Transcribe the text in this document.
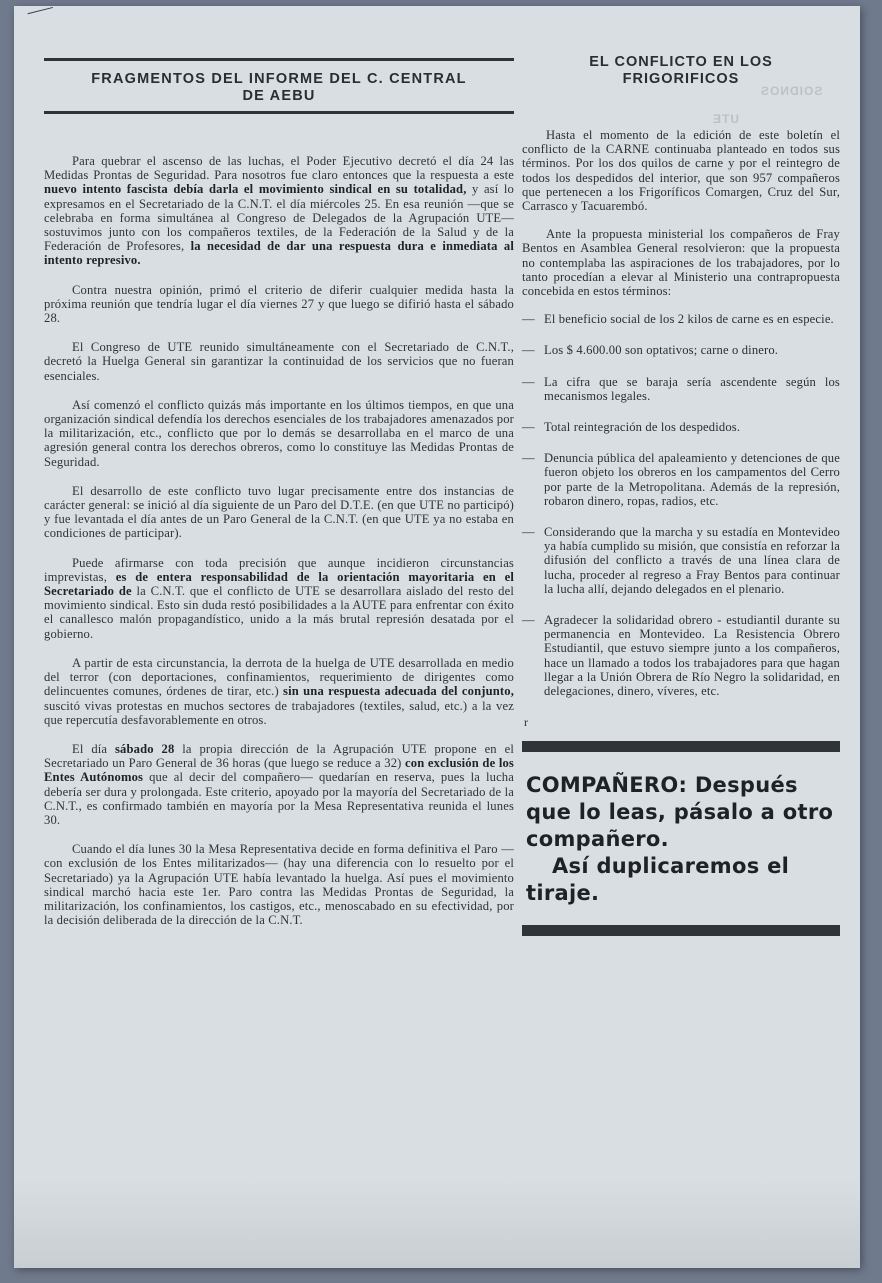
FRAGMENTOS DEL INFORME DEL C. CENTRAL
DE AEBU

Para quebrar el ascenso de las luchas, el Poder Ejecutivo decretó el día 24 las Medidas Prontas de Seguridad. Para nosotros fue claro entonces que la respuesta a este nuevo intento fascista debía darla el movimiento sindical en su totalidad, y así lo expresamos en el Secretariado de la C.N.T. el día miércoles 25. En esa reunión —que se celebraba en forma simultánea al Congreso de Delegados de la Agrupación UTE— sostuvimos junto con los compañeros textiles, de la Federación de la Salud y de la Federación de Profesores, la necesidad de dar una respuesta dura e inmediata al intento represivo.

Contra nuestra opinión, primó el criterio de diferir cualquier medida hasta la próxima reunión que tendría lugar el día viernes 27 y que luego se difirió hasta el sábado 28.

El Congreso de UTE reunido simultáneamente con el Secretariado de C.N.T., decretó la Huelga General sin garantizar la continuidad de los servicios que no fueran esenciales.

Así comenzó el conflicto quizás más importante en los últimos tiempos, en que una organización sindical defendía los derechos esenciales de los trabajadores amenazados por la militarización, etc., conflicto que por lo demás se desarrollaba en el marco de una agresión general contra los derechos obreros, como lo constituye las Medidas Prontas de Seguridad.

El desarrollo de este conflicto tuvo lugar precisamente entre dos instancias de carácter general: se inició al día siguiente de un Paro del D.T.E. (en que UTE no participó) y fue levantada el día antes de un Paro General de la C.N.T. (en que UTE ya no estaba en condiciones de participar).

Puede afirmarse con toda precisión que aunque incidieron circunstancias imprevistas, es de entera responsabilidad de la orientación mayoritaria en el Secretariado de la C.N.T. que el conflicto de UTE se desarrollara aislado del resto del movimiento sindical. Esto sin duda restó posibilidades a la AUTE para enfrentar con éxito el canallesco malón propagandístico, unido a la más brutal represión desatada por el gobierno.

A partir de esta circunstancia, la derrota de la huelga de UTE desarrollada en medio del terror (con deportaciones, confinamientos, requerimiento de dirigentes como delincuentes comunes, órdenes de tirar, etc.) sin una respuesta adecuada del conjunto, suscitó vivas protestas en muchos sectores de trabajadores (textiles, salud, etc.) a la vez que repercutía desfavorablemente en otros.

El día sábado 28 la propia dirección de la Agrupación UTE propone en el Secretariado un Paro General de 36 horas (que luego se reduce a 32) con exclusión de los Entes Autónomos que al decir del compañero— quedarían en reserva, pues la lucha debería ser dura y prolongada. Este criterio, apoyado por la mayoría del Secretariado de la C.N.T., es confirmado también en mayoría por la Mesa Representativa reunida el lunes 30.

Cuando el día lunes 30 la Mesa Representativa decide en forma definitiva el Paro —con exclusión de los Entes militarizados— (hay una diferencia con lo resuelto por el Secretariado) ya la Agrupación UTE había levantado la huelga. Así pues el movimiento sindical marchó hacia este 1er. Paro contra las Medidas Prontas de Seguridad, la militarización, los confinamientos, los castigos, etc., menoscabado en su efectividad, por la decisión deliberada de la dirección de la C.N.T.

EL CONFLICTO EN LOS
FRIGORIFICOS
SOIDNOS
UTE

Hasta el momento de la edición de este boletín el conflicto de la CARNE continuaba planteado en todos sus términos. Por los dos quilos de carne y por el reintegro de todos los despedidos del interior, que son 957 compañeros que pertenecen a los Frigoríficos Comargen, Cruz del Sur, Carrasco y Tacuarembó.

Ante la propuesta ministerial los compañeros de Fray Bentos en Asamblea General resolvieron: que la propuesta no contemplaba las aspiraciones de los trabajadores, por lo tanto procedían a elevar al Ministerio una contrapropuesta concebida en estos términos:

— El beneficio social de los 2 kilos de carne es en especie.
— Los $ 4.600.00 son optativos; carne o dinero.
— La cifra que se baraja sería ascendente según los mecanismos legales.
— Total reintegración de los despedidos.
— Denuncia pública del apaleamiento y detenciones de que fueron objeto los obreros en los campamentos del Cerro por parte de la Metropolitana. Además de la represión, robaron dinero, ropas, radios, etc.
— Considerando que la marcha y su estadía en Montevideo ya había cumplido su misión, que consistía en reforzar la difusión del conflicto a través de una línea clara de lucha, proceder al regreso a Fray Bentos para continuar la lucha allí, dejando delegados en el plenario.
— Agradecer la solidaridad obrero - estudiantil durante su permanencia en Montevideo. La Resistencia Obrero Estudiantil, que estuvo siempre junto a los compañeros, hace un llamado a todos los trabajadores para que hagan llegar a la Unión Obrera de Río Negro la solidaridad, en delegaciones, dinero, víveres, etc.
r
COMPAÑERO: Después
que lo leas, pásalo a otro
compañero.
Así duplicaremos el
tiraje.
